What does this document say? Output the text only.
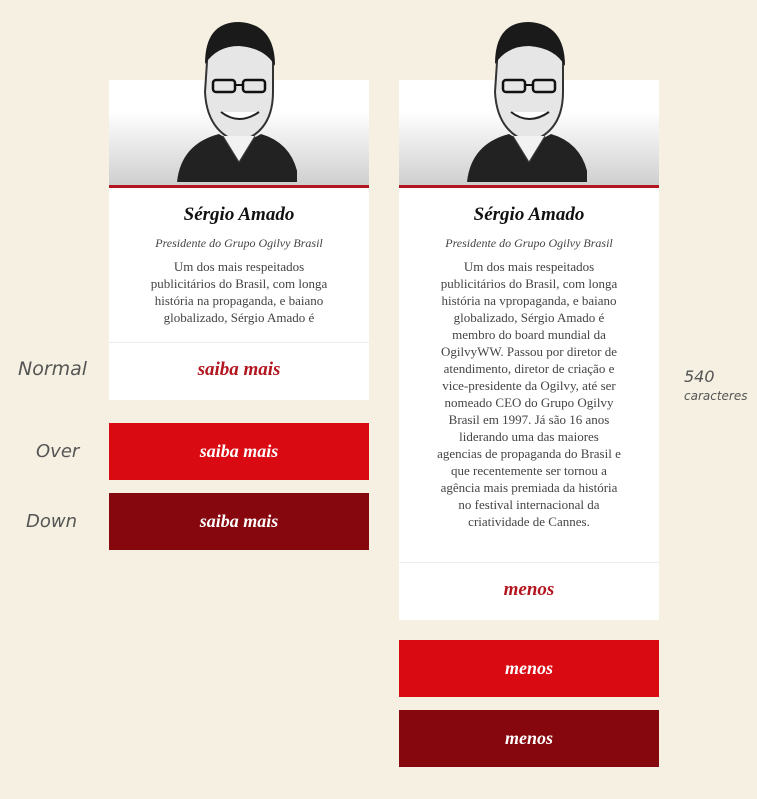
Normal
Over
Down
540
caracteres
Sérgio Amado
Presidente do Grupo Ogilvy Brasil
Um dos mais respeitados
publicitários do Brasil, com longa
história na propaganda, e baiano
globalizado, Sérgio Amado é
saiba mais
saiba mais
saiba mais
Sérgio Amado
Presidente do Grupo Ogilvy Brasil
Um dos mais respeitados
publicitários do Brasil, com longa
história na vpropaganda, e baiano
globalizado, Sérgio Amado é
membro do board mundial da
OgilvyWW. Passou por diretor de
atendimento, diretor de criação e
vice-presidente da Ogilvy, até ser
nomeado CEO do Grupo Ogilvy
Brasil em 1997. Já são 16 anos
liderando uma das maiores
agencias de propaganda do Brasil e
que recentemente ser tornou a
agência mais premiada da história
no festival internacional da
criatividade de Cannes.
menos
menos
menos
